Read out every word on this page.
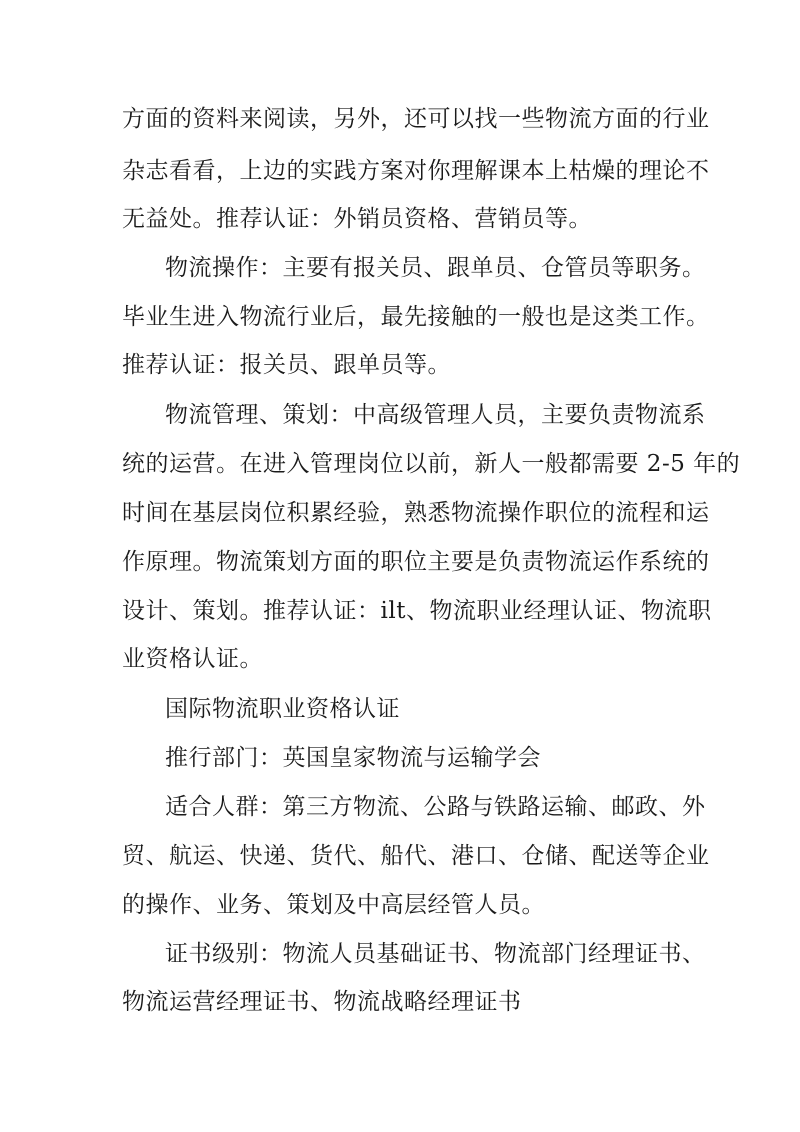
方面的资料来阅读，另外，还可以找一些物流方面的行业
杂志看看，上边的实践方案对你理解课本上枯燥的理论不
无益处。推荐认证：外销员资格、营销员等。
物流操作：主要有报关员、跟单员、仓管员等职务。
毕业生进入物流行业后，最先接触的一般也是这类工作。
推荐认证：报关员、跟单员等。
物流管理、策划：中高级管理人员，主要负责物流系
统的运营。在进入管理岗位以前，新人一般都需要 2-5 年的
时间在基层岗位积累经验，熟悉物流操作职位的流程和运
作原理。物流策划方面的职位主要是负责物流运作系统的
设计、策划。推荐认证：ilt、物流职业经理认证、物流职
业资格认证。
国际物流职业资格认证
推行部门：英国皇家物流与运输学会
适合人群：第三方物流、公路与铁路运输、邮政、外
贸、航运、快递、货代、船代、港口、仓储、配送等企业
的操作、业务、策划及中高层经管人员。
证书级别：物流人员基础证书、物流部门经理证书、
物流运营经理证书、物流战略经理证书
